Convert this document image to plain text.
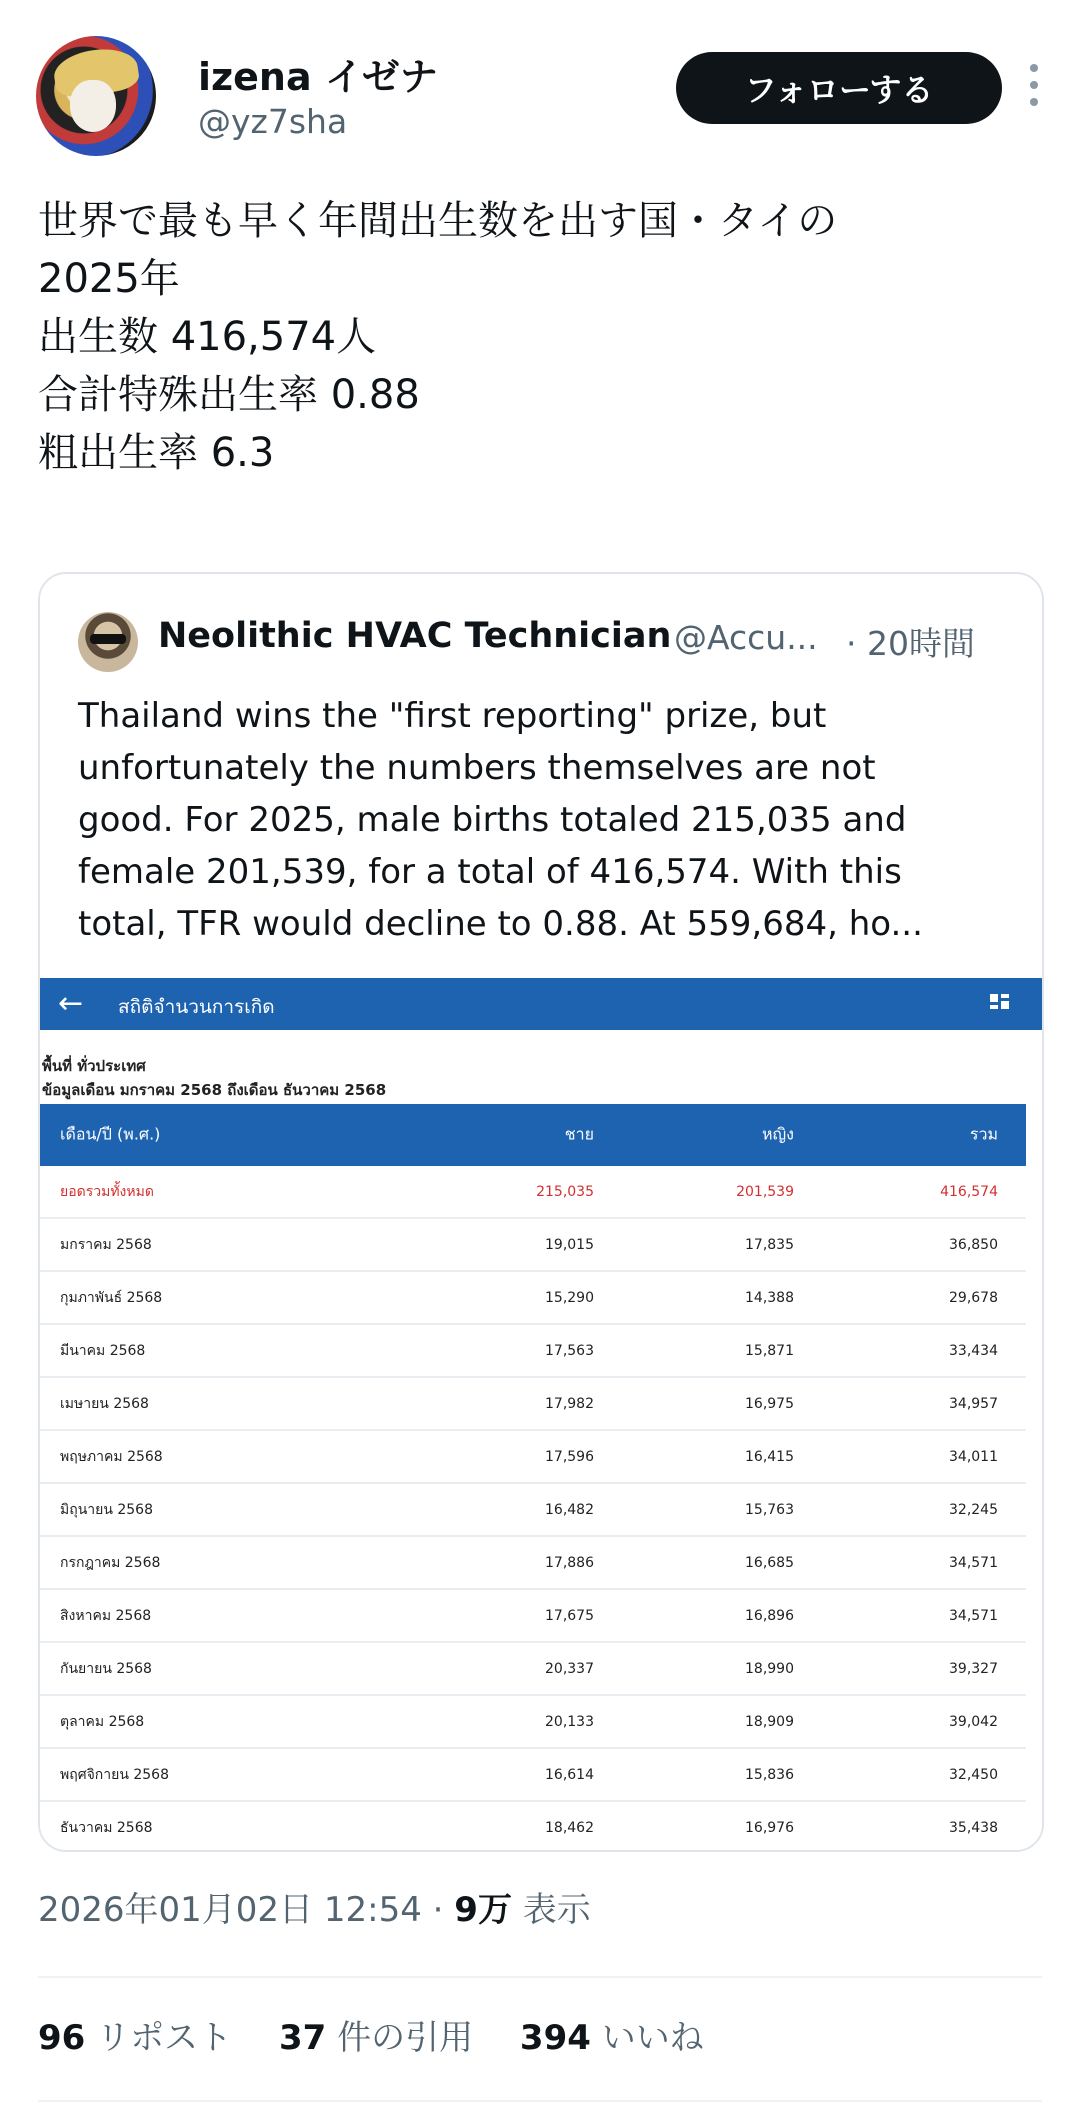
izena イゼナ
@yz7sha
フォローする
世界で最も早く年間出生数を出す国・タイの
2025年
出生数 416,574人
合計特殊出生率 0.88
粗出生率 6.3
Neolithic HVAC Technician @Accu... · 20時間
Thailand wins the "first reporting" prize, but
unfortunately the numbers themselves are not
good. For 2025, male births totaled 215,035 and
female 201,539, for a total of 416,574. With this
total, TFR would decline to 0.88. At 559,684, ho...
← สถิติจำนวนการเกิด
พื้นที่ ทั่วประเทศ
ข้อมูลเดือน มกราคม 2568 ถึงเดือน ธันวาคม 2568
เดือน/ปี (พ.ศ.)	ชาย	หญิง	รวม
ยอดรวมทั้งหมด	215,035	201,539	416,574
มกราคม 2568	19,015	17,835	36,850
กุมภาพันธ์ 2568	15,290	14,388	29,678
มีนาคม 2568	17,563	15,871	33,434
เมษายน 2568	17,982	16,975	34,957
พฤษภาคม 2568	17,596	16,415	34,011
มิถุนายน 2568	16,482	15,763	32,245
กรกฎาคม 2568	17,886	16,685	34,571
สิงหาคม 2568	17,675	16,896	34,571
กันยายน 2568	20,337	18,990	39,327
ตุลาคม 2568	20,133	18,909	39,042
พฤศจิกายน 2568	16,614	15,836	32,450
ธันวาคม 2568	18,462	16,976	35,438
2026年01月02日 12:54 · 9万 表示
96 リポスト 37 件の引用 394 いいね
